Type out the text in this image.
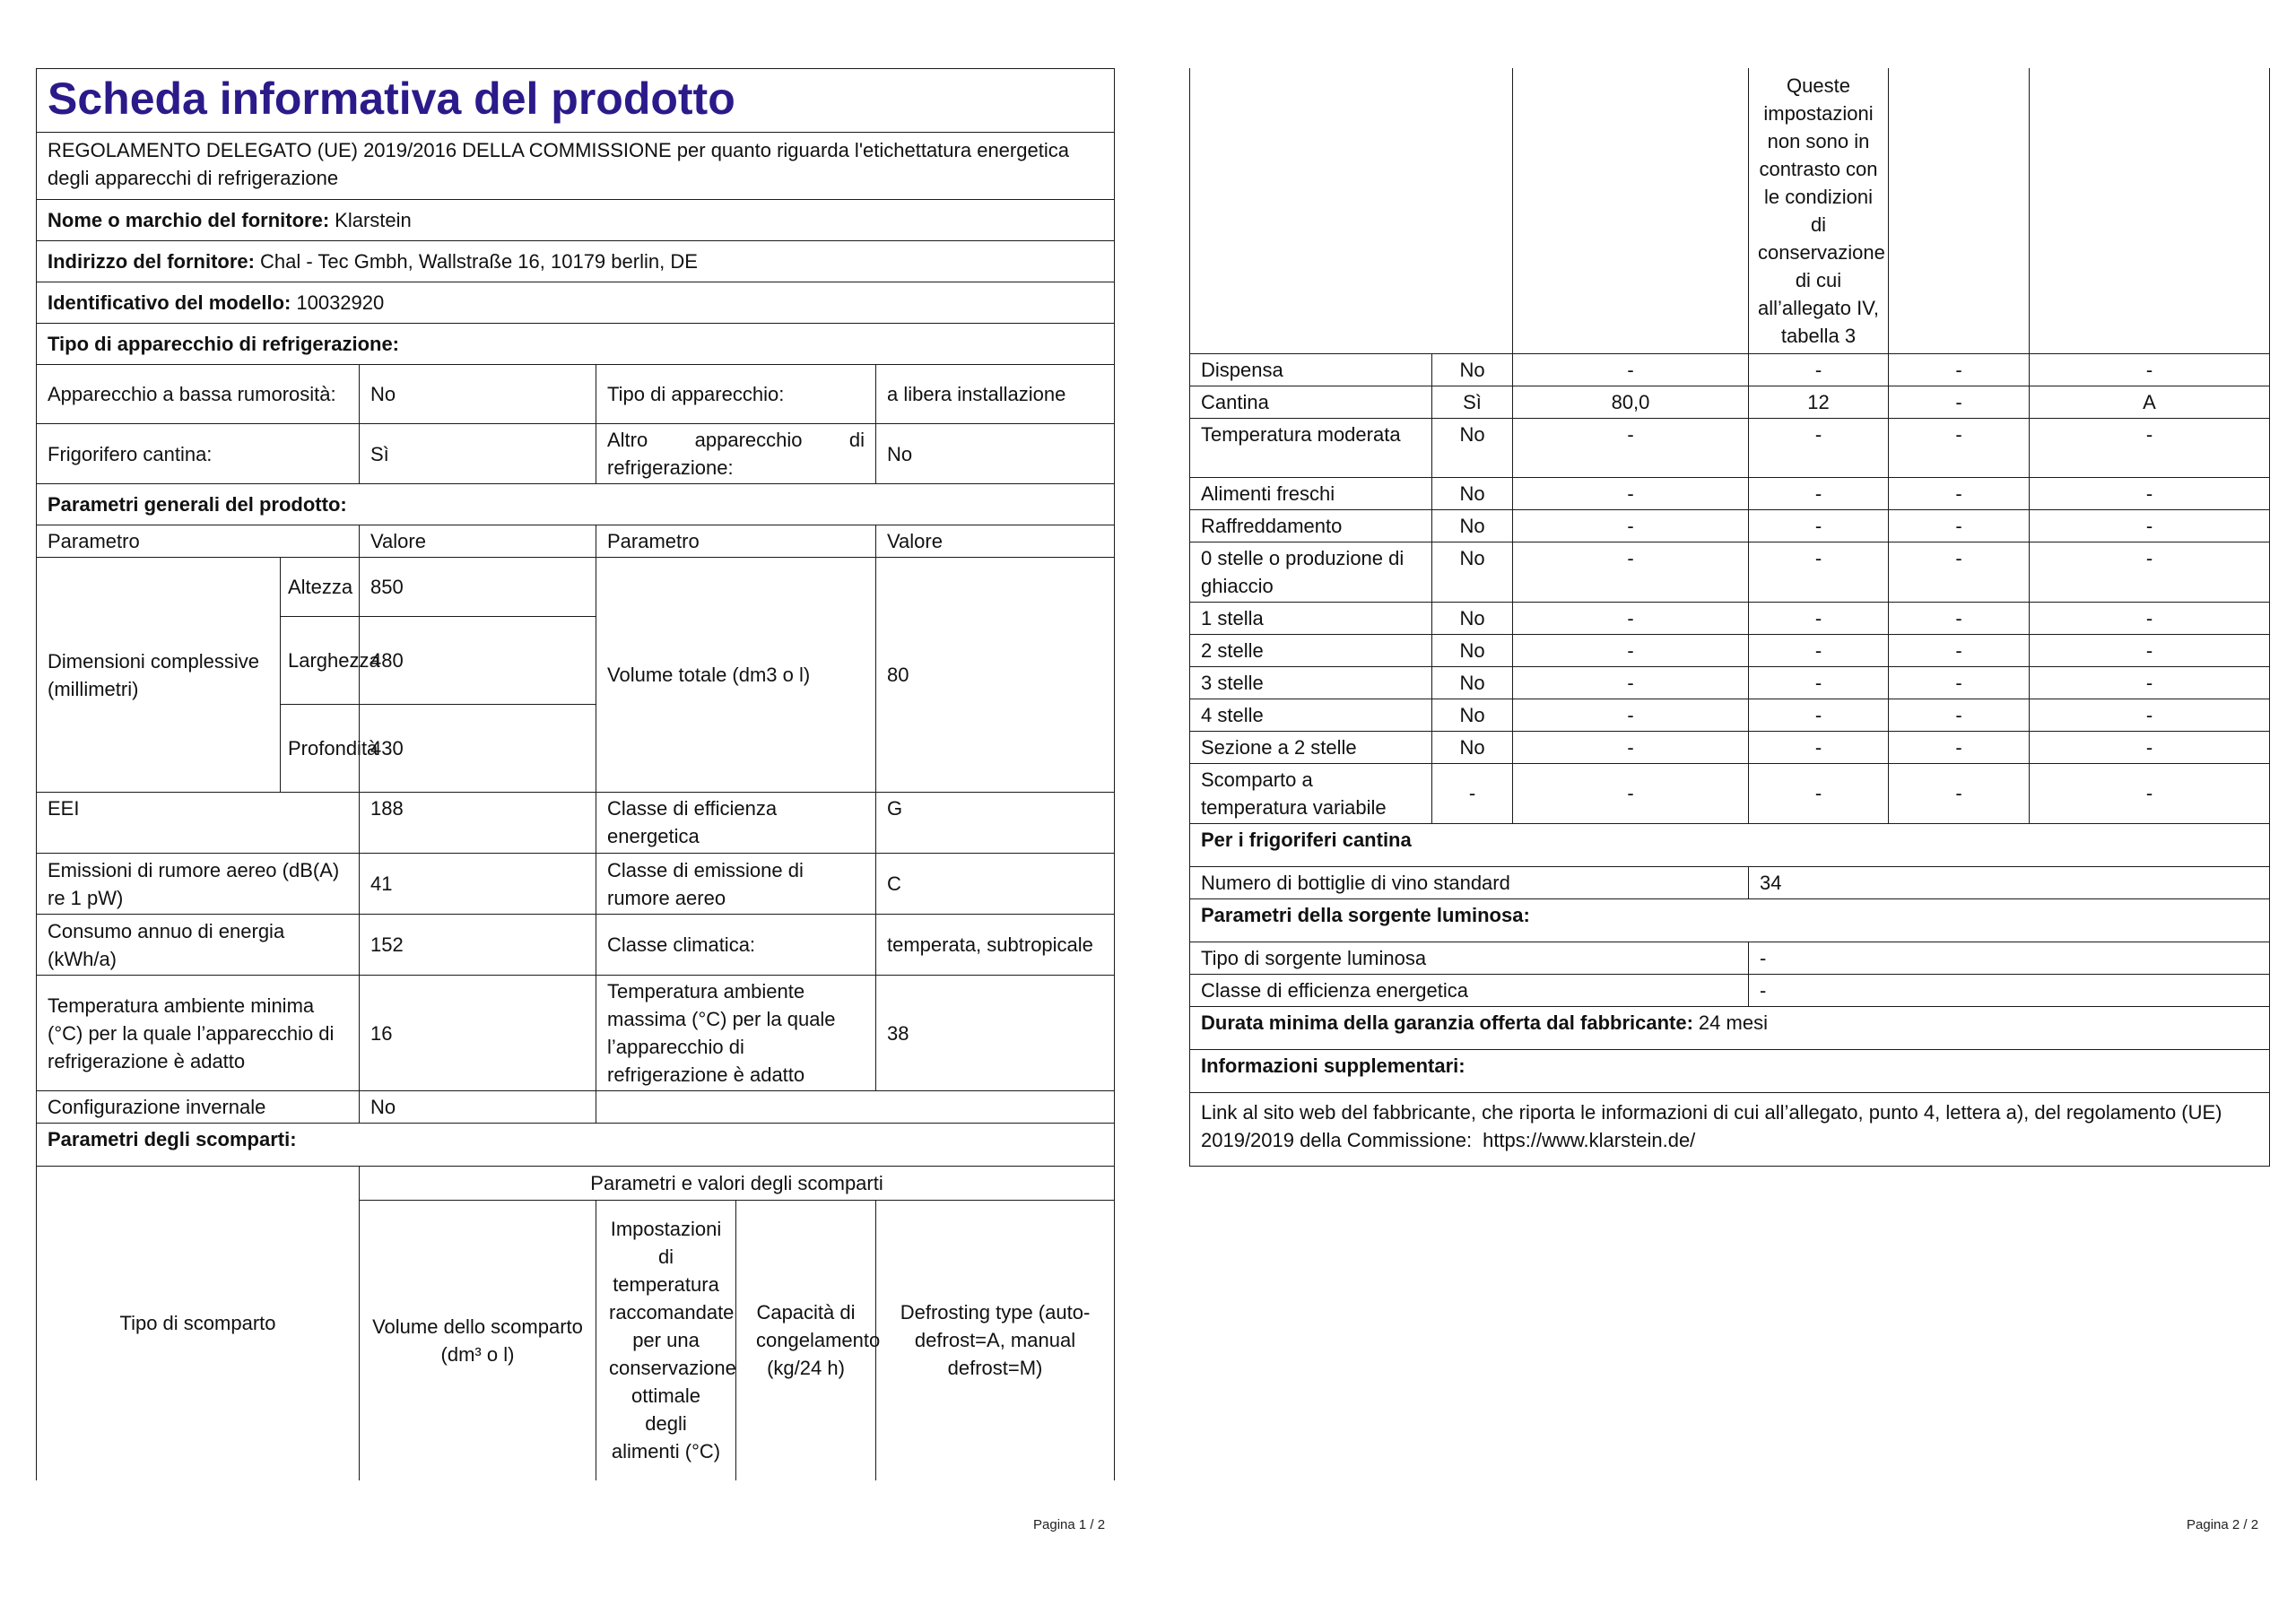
Scheda informativa del prodotto					
REGOLAMENTO DELEGATO (UE) 2019/2016 DELLA COMMISSIONE per quanto riguarda l'etichettatura energetica degli apparecchi di refrigerazione					
Nome o marchio del fornitore: Klarstein					
Indirizzo del fornitore: Chal - Tec Gmbh, Wallstraße 16, 10179 berlin, DE					
Identificativo del modello: 10032920					
Tipo di apparecchio di refrigerazione:					
Apparecchio a bassa rumorosità:		No	Tipo di apparecchio:		a libera installazione
Frigorifero cantina:		Sì	Altro apparecchio di refrigerazione:		No
Parametri generali del prodotto:					
Parametro		Valore	Parametro		Valore
Dimensioni complessive (millimetri)	Altezza	850	Volume totale (dm3 o l)		80
	Larghezza	480			
	Profondità	430			
EEI		188	Classe di efficienza energetica		G
Emissioni di rumore aereo (dB(A) re 1 pW)		41	Classe di emissione di rumore aereo		C
Consumo annuo di energia (kWh/a)		152	Classe climatica:		temperata, subtropicale
Temperatura ambiente minima (°C) per la quale l’apparecchio di refrigerazione è adatto		16	Temperatura ambiente massima (°C) per la quale l’apparecchio di refrigerazione è adatto		38
Configurazione invernale		No			
Parametri degli scomparti:					
Tipo di scomparto		Parametri e valori degli scomparti			
		Volume dello scomparto (dm³ o l)	Impostazioni di temperatura raccomandate per una conservazione ottimale degli alimenti (°C)	Capacità di congelamento (kg/24 h)	Defrosting type (auto-defrost=A, manual defrost=M)
Pagina 1 / 2
			Queste impostazioni non sono in contrasto con le condizioni di conservazione di cui all’allegato IV, tabella 3		
Dispensa	No	-	-	-	-
Cantina	Sì	80,0	12	-	A
Temperatura moderata	No	-	-	-	-
Alimenti freschi	No	-	-	-	-
Raffreddamento	No	-	-	-	-
0 stelle o produzione di ghiaccio	No	-	-	-	-
1 stella	No	-	-	-	-
2 stelle	No	-	-	-	-
3 stelle	No	-	-	-	-
4 stelle	No	-	-	-	-
Sezione a 2 stelle	No	-	-	-	-
Scomparto a temperatura variabile	-	-	-	-	-
Per i frigoriferi cantina					
Numero di bottiglie di vino standard			34		
Parametri della sorgente luminosa:					
Tipo di sorgente luminosa			-		
Classe di efficienza energetica			-		
Durata minima della garanzia offerta dal fabbricante: 24 mesi					
Informazioni supplementari:					
Link al sito web del fabbricante, che riporta le informazioni di cui all’allegato, punto 4, lettera a), del regolamento (UE) 2019/2019 della Commissione: https://www.klarstein.de/					
Pagina 2 / 2
